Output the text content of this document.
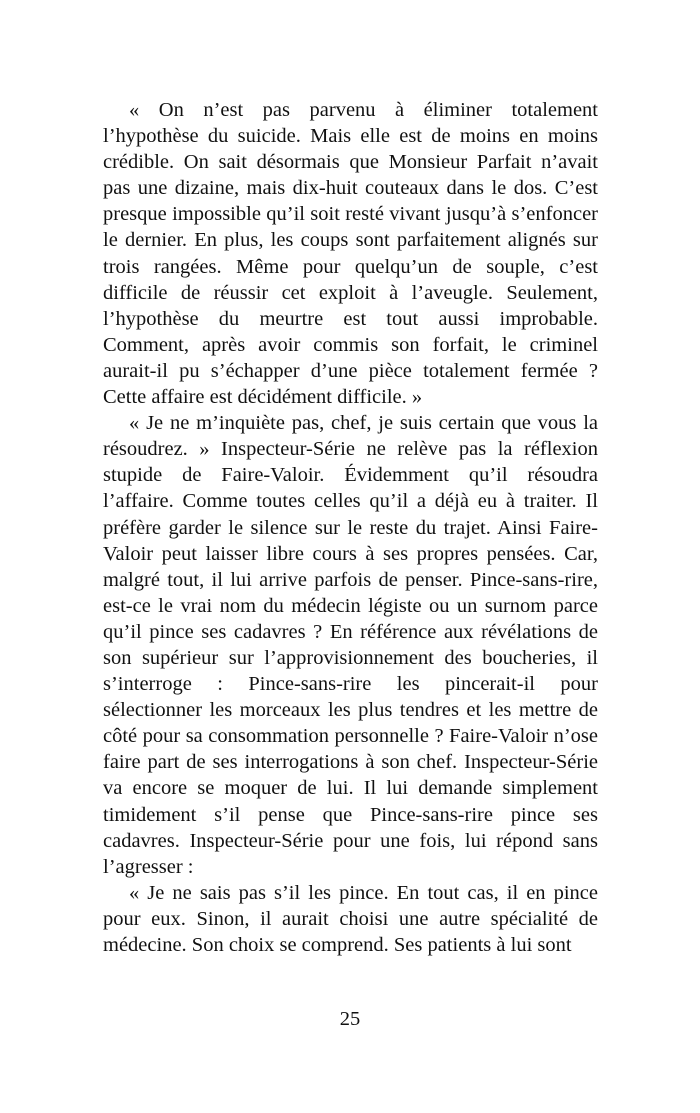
« On n’est pas parvenu à éliminer totalement l’hypothèse du suicide. Mais elle est de moins en moins crédible. On sait désormais que Monsieur Parfait n’avait pas une dizaine, mais dix-huit couteaux dans le dos. C’est presque impossible qu’il soit resté vivant jusqu’à s’enfoncer le dernier. En plus, les coups sont parfaitement alignés sur trois rangées. Même pour quelqu’un de souple, c’est difficile de réussir cet exploit à l’aveugle. Seulement, l’hypothèse du meurtre est tout aussi improbable. Comment, après avoir commis son forfait, le criminel aurait-il pu s’échapper d’une pièce totalement fermée ? Cette affaire est décidément difficile. »

« Je ne m’inquiète pas, chef, je suis certain que vous la résoudrez. » Inspecteur-Série ne relève pas la réflexion stupide de Faire-Valoir. Évidemment qu’il résoudra l’affaire. Comme toutes celles qu’il a déjà eu à traiter. Il préfère garder le silence sur le reste du trajet. Ainsi Faire-Valoir peut laisser libre cours à ses propres pensées. Car, malgré tout, il lui arrive parfois de penser. Pince-sans-rire, est-ce le vrai nom du médecin légiste ou un surnom parce qu’il pince ses cadavres ? En référence aux révélations de son supérieur sur l’approvisionnement des boucheries, il s’interroge : Pince-sans-rire les pincerait-il pour sélectionner les morceaux les plus tendres et les mettre de côté pour sa consommation personnelle ? Faire-Valoir n’ose faire part de ses interrogations à son chef. Inspecteur-Série va encore se moquer de lui. Il lui demande simplement timidement s’il pense que Pince-sans-rire pince ses cadavres. Inspecteur-Série pour une fois, lui répond sans l’agresser :

« Je ne sais pas s’il les pince. En tout cas, il en pince pour eux. Sinon, il aurait choisi une autre spécialité de médecine. Son choix se comprend. Ses patients à lui sont

25
